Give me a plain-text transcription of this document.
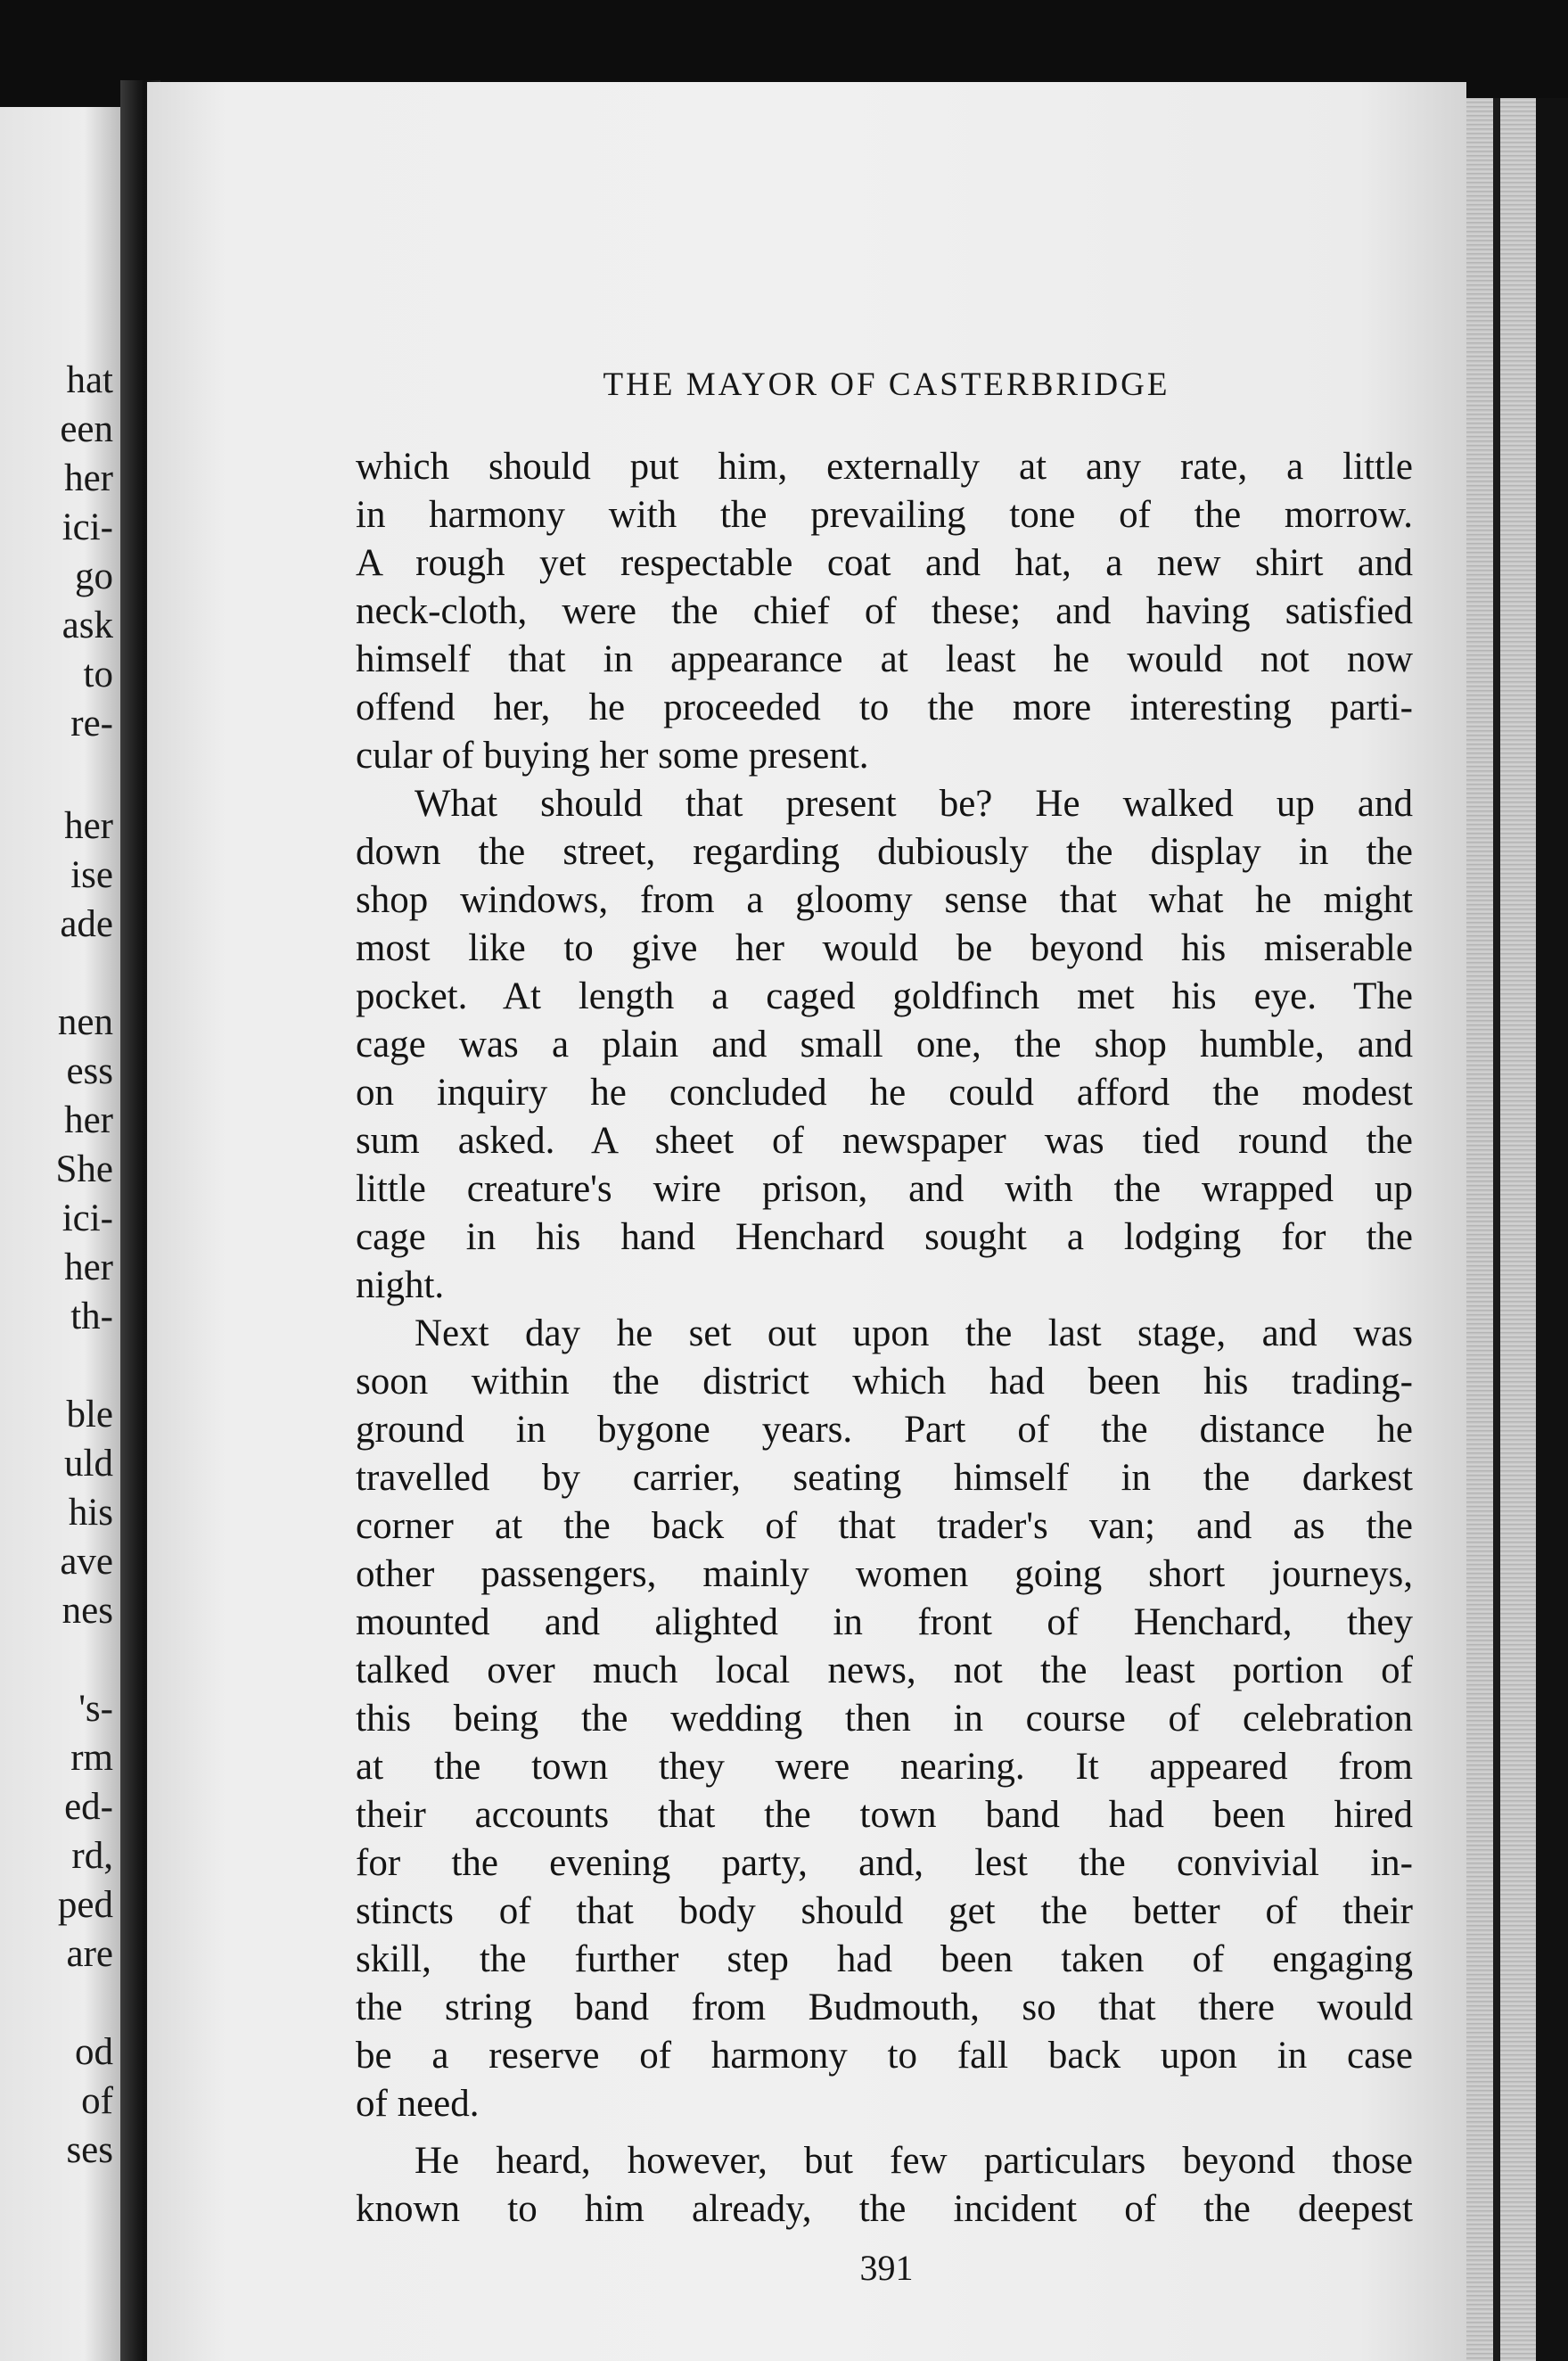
hat
een
her
ici-
go
ask
to
re-
her
ise
ade
nen
ess
her
She
ici-
her
th-
ble
uld
his
ave
nes
's-
rm
ed-
rd,
ped
are
od
of
ses
THE MAYOR OF CASTERBRIDGE
which should put him, externally at any rate, a little
in harmony with the prevailing tone of the morrow.
A rough yet respectable coat and hat, a new shirt and
neck-cloth, were the chief of these; and having satisfied
himself that in appearance at least he would not now
offend her, he proceeded to the more interesting parti-
cular of buying her some present.
What should that present be? He walked up and
down the street, regarding dubiously the display in the
shop windows, from a gloomy sense that what he might
most like to give her would be beyond his miserable
pocket. At length a caged goldfinch met his eye. The
cage was a plain and small one, the shop humble, and
on inquiry he concluded he could afford the modest
sum asked. A sheet of newspaper was tied round the
little creature's wire prison, and with the wrapped up
cage in his hand Henchard sought a lodging for the
night.
Next day he set out upon the last stage, and was
soon within the district which had been his trading-
ground in bygone years. Part of the distance he
travelled by carrier, seating himself in the darkest
corner at the back of that trader's van; and as the
other passengers, mainly women going short journeys,
mounted and alighted in front of Henchard, they
talked over much local news, not the least portion of
this being the wedding then in course of celebration
at the town they were nearing. It appeared from
their accounts that the town band had been hired
for the evening party, and, lest the convivial in-
stincts of that body should get the better of their
skill, the further step had been taken of engaging
the string band from Budmouth, so that there would
be a reserve of harmony to fall back upon in case
of need.
He heard, however, but few particulars beyond those
known to him already, the incident of the deepest
391
